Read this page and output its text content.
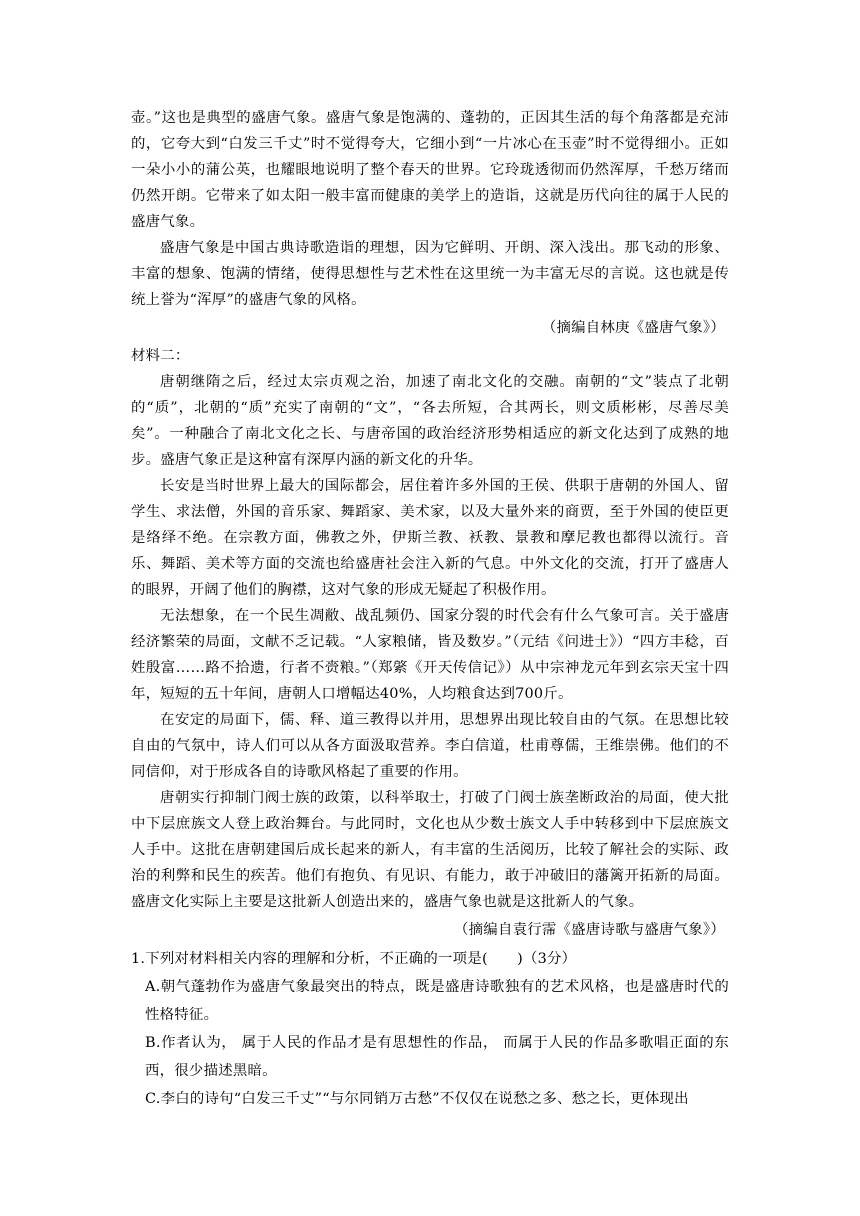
壶。”这也是典型的盛唐气象。盛唐气象是饱满的、蓬勃的，正因其生活的每个角落都是充沛的，它夸大到“白发三千丈”时不觉得夸大，它细小到“一片冰心在玉壶”时不觉得细小。正如一朵小小的蒲公英，也耀眼地说明了整个春天的世界。它玲珑透彻而仍然浑厚，千愁万绪而仍然开朗。它带来了如太阳一般丰富而健康的美学上的造诣，这就是历代向往的属于人民的盛唐气象。

盛唐气象是中国古典诗歌造诣的理想，因为它鲜明、开朗、深入浅出。那飞动的形象、丰富的想象、饱满的情绪，使得思想性与艺术性在这里统一为丰富无尽的言说。这也就是传统上誉为“浑厚”的盛唐气象的风格。

（摘编自林庚《盛唐气象》）

材料二：

唐朝继隋之后，经过太宗贞观之治，加速了南北文化的交融。南朝的“文”装点了北朝的“质”，北朝的“质”充实了南朝的“文”，“各去所短，合其两长，则文质彬彬，尽善尽美矣”。一种融合了南北文化之长、与唐帝国的政治经济形势相适应的新文化达到了成熟的地步。盛唐气象正是这种富有深厚内涵的新文化的升华。

长安是当时世界上最大的国际都会，居住着许多外国的王侯、供职于唐朝的外国人、留学生、求法僧，外国的音乐家、舞蹈家、美术家，以及大量外来的商贾，至于外国的使臣更是络绎不绝。在宗教方面，佛教之外，伊斯兰教、袄教、景教和摩尼教也都得以流行。音乐、舞蹈、美术等方面的交流也给盛唐社会注入新的气息。中外文化的交流，打开了盛唐人的眼界，开阔了他们的胸襟，这对气象的形成无疑起了积极作用。

无法想象，在一个民生凋敝、战乱频仍、国家分裂的时代会有什么气象可言。关于盛唐经济繁荣的局面，文献不乏记载。“人家粮储，皆及数岁。”（元结《问进士》）“四方丰稔，百姓殷富……路不拾遗，行者不赍粮。”（郑綮《开天传信记》）从中宗神龙元年到玄宗天宝十四年，短短的五十年间，唐朝人口增幅达40%，人均粮食达到700斤。

在安定的局面下，儒、释、道三教得以并用，思想界出现比较自由的气氛。在思想比较自由的气氛中，诗人们可以从各方面汲取营养。李白信道，杜甫尊儒，王维崇佛。他们的不同信仰，对于形成各自的诗歌风格起了重要的作用。

唐朝实行抑制门阀士族的政策，以科举取士，打破了门阀士族垄断政治的局面，使大批中下层庶族文人登上政治舞台。与此同时，文化也从少数士族文人手中转移到中下层庶族文人手中。这批在唐朝建国后成长起来的新人，有丰富的生活阅历，比较了解社会的实际、政治的利弊和民生的疾苦。他们有抱负、有见识、有能力，敢于冲破旧的藩篱开拓新的局面。盛唐文化实际上主要是这批新人创造出来的，盛唐气象也就是这批新人的气象。

（摘编自袁行霈《盛唐诗歌与盛唐气象》）

1.下列对材料相关内容的理解和分析，不正确的一项是(　　)（3分）

A.朝气蓬勃作为盛唐气象最突出的特点，既是盛唐诗歌独有的艺术风格，也是盛唐时代的性格特征。

B.作者认为， 属于人民的作品才是有思想性的作品， 而属于人民的作品多歌唱正面的东西，很少描述黑暗。

C.李白的诗句“白发三千丈”“与尔同销万古愁”不仅仅在说愁之多、愁之长，更体现出
